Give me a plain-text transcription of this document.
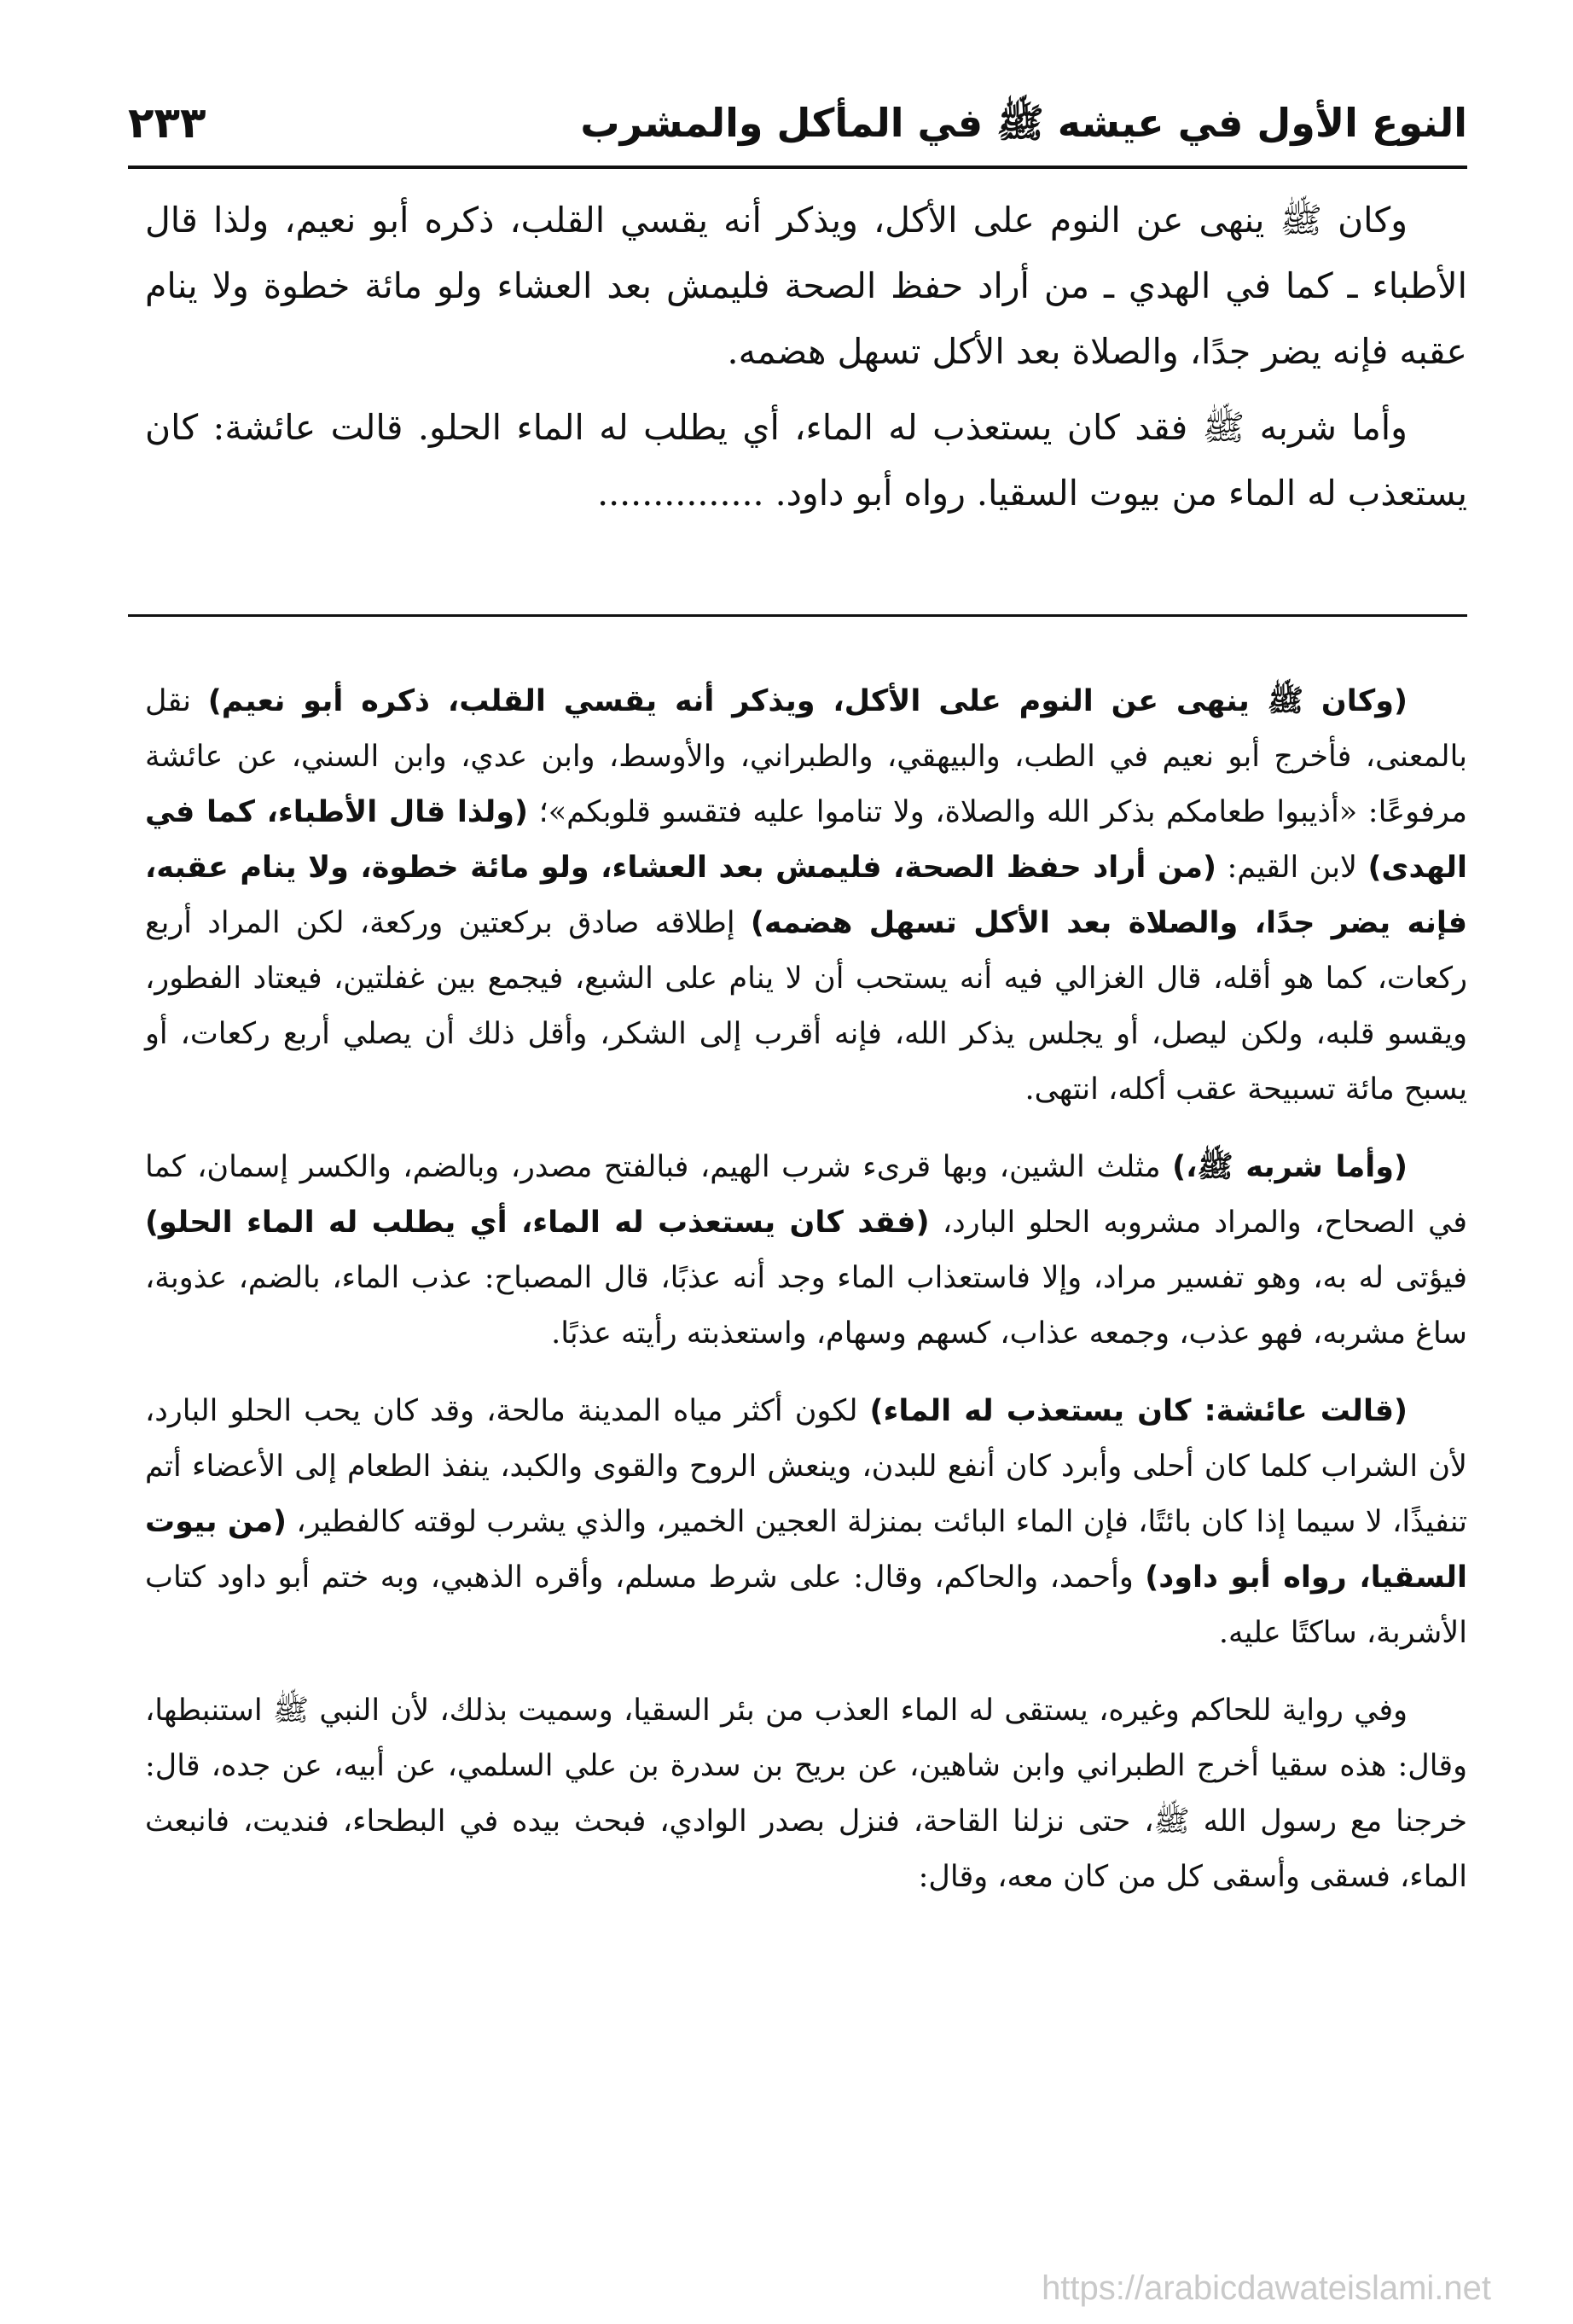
النوع الأول في عيشه ﷺ في المأكل والمشرب
٢٣٣

وكان ﷺ ينهى عن النوم على الأكل، ويذكر أنه يقسي القلب، ذكره أبو نعيم، ولذا قال الأطباء ـ كما في الهدي ـ من أراد حفظ الصحة فليمش بعد العشاء ولو مائة خطوة ولا ينام عقبه فإنه يضر جدًا، والصلاة بعد الأكل تسهل هضمه.

وأما شربه ﷺ فقد كان يستعذب له الماء، أي يطلب له الماء الحلو. قالت عائشة: كان يستعذب له الماء من بيوت السقيا. رواه أبو داود. ...............

(وكان ﷺ ينهى عن النوم على الأكل، ويذكر أنه يقسي القلب، ذكره أبو نعيم) نقل بالمعنى، فأخرج أبو نعيم في الطب، والبيهقي، والطبراني، والأوسط، وابن عدي، وابن السني، عن عائشة مرفوعًا: «أذيبوا طعامكم بذكر الله والصلاة، ولا تناموا عليه فتقسو قلوبكم»؛ (ولذا قال الأطباء، كما في الهدى) لابن القيم: (من أراد حفظ الصحة، فليمش بعد العشاء، ولو مائة خطوة، ولا ينام عقبه، فإنه يضر جدًا، والصلاة بعد الأكل تسهل هضمه) إطلاقه صادق بركعتين وركعة، لكن المراد أربع ركعات، كما هو أقله، قال الغزالي فيه أنه يستحب أن لا ينام على الشبع، فيجمع بين غفلتين، فيعتاد الفطور، ويقسو قلبه، ولكن ليصل، أو يجلس يذكر الله، فإنه أقرب إلى الشكر، وأقل ذلك أن يصلي أربع ركعات، أو يسبح مائة تسبيحة عقب أكله، انتهى.

(وأما شربه ﷺ،) مثلث الشين، وبها قرىء شرب الهيم، فبالفتح مصدر، وبالضم، والكسر إسمان، كما في الصحاح، والمراد مشروبه الحلو البارد، (فقد كان يستعذب له الماء، أي يطلب له الماء الحلو) فيؤتى له به، وهو تفسير مراد، وإلا فاستعذاب الماء وجد أنه عذبًا، قال المصباح: عذب الماء، بالضم، عذوبة، ساغ مشربه، فهو عذب، وجمعه عذاب، كسهم وسهام، واستعذبته رأيته عذبًا.

(قالت عائشة: كان يستعذب له الماء) لكون أكثر مياه المدينة مالحة، وقد كان يحب الحلو البارد، لأن الشراب كلما كان أحلى وأبرد كان أنفع للبدن، وينعش الروح والقوى والكبد، ينفذ الطعام إلى الأعضاء أتم تنفيذًا، لا سيما إذا كان بائتًا، فإن الماء البائت بمنزلة العجين الخمير، والذي يشرب لوقته كالفطير، (من بيوت السقيا، رواه أبو داود) وأحمد، والحاكم، وقال: على شرط مسلم، وأقره الذهبي، وبه ختم أبو داود كتاب الأشربة، ساكتًا عليه.

وفي رواية للحاكم وغيره، يستقى له الماء العذب من بئر السقيا، وسميت بذلك، لأن النبي ﷺ استنبطها، وقال: هذه سقيا أخرج الطبراني وابن شاهين، عن بريح بن سدرة بن علي السلمي، عن أبيه، عن جده، قال: خرجنا مع رسول الله ﷺ، حتى نزلنا القاحة، فنزل بصدر الوادي، فبحث بيده في البطحاء، فنديت، فانبعث الماء، فسقى وأسقى كل من كان معه، وقال:

https://arabicdawateislami.net
